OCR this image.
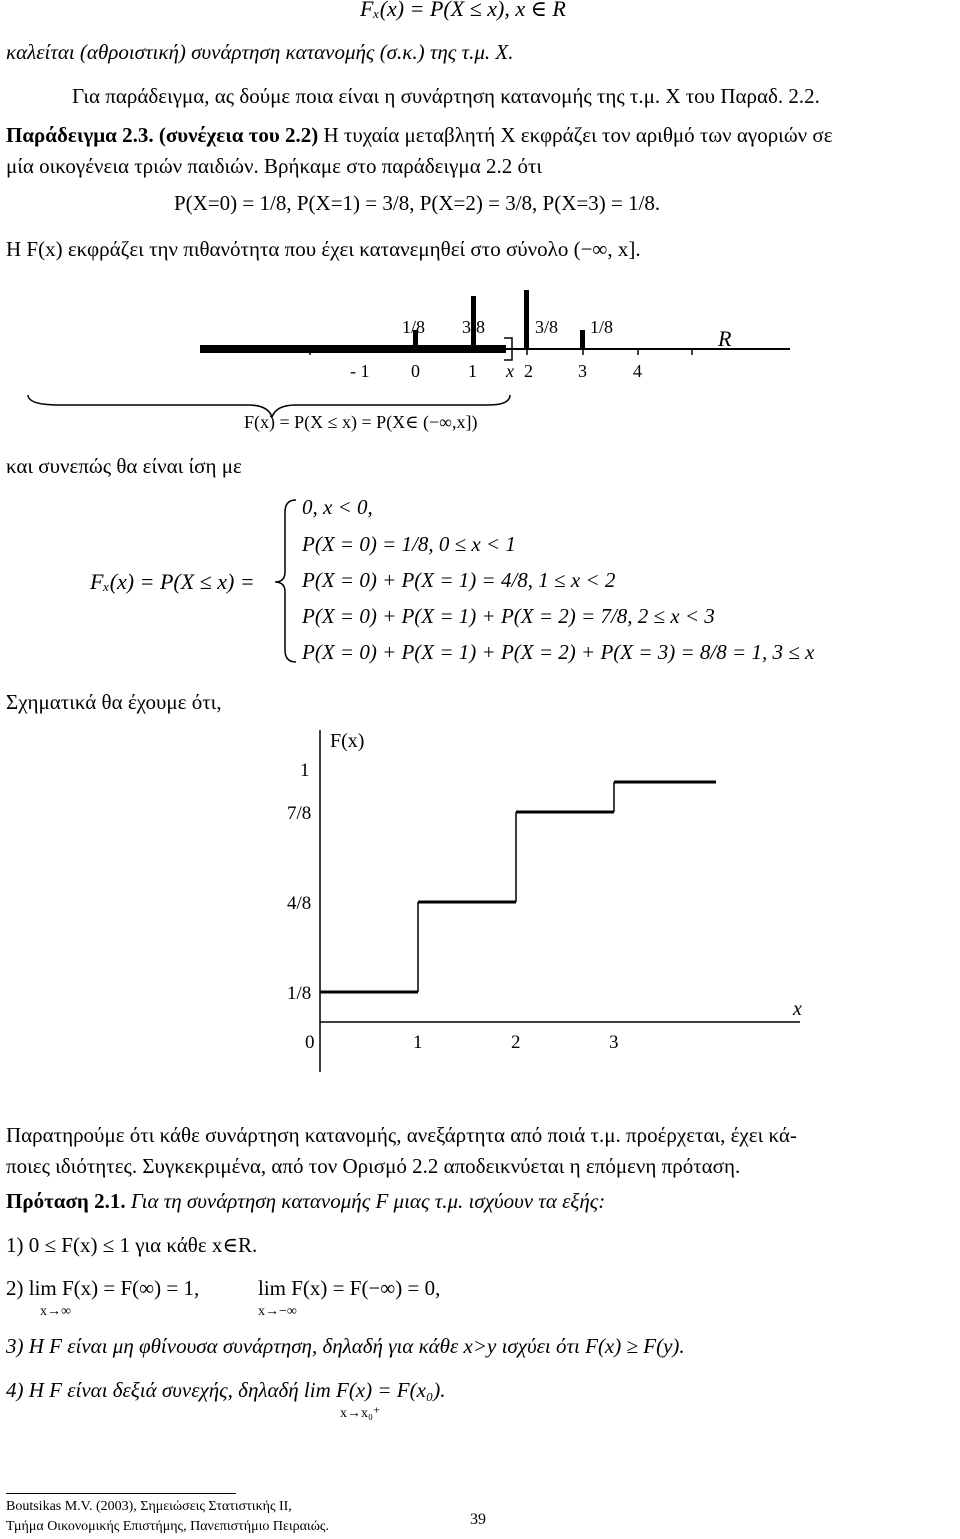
Fₓ(x) = P(X ≤ x), x ∈ R
καλείται (αθροιστική) συνάρτηση κατανομής (σ.κ.) της τ.μ. X.
Για παράδειγμα, ας δούμε ποια είναι η συνάρτηση κατανομής της τ.μ. X του Παραδ. 2.2.
Παράδειγμα 2.3. (συνέχεια του 2.2) Η τυχαία μεταβλητή X εκφράζει τον αριθμό των αγοριών σε
μία οικογένεια τριών παιδιών. Βρήκαμε στο παράδειγμα 2.2 ότι
P(X=0) = 1/8, P(X=1) = 3/8, P(X=2) = 3/8, P(X=3) = 1/8.
Η F(x) εκφράζει την πιθανότητα που έχει κατανεμηθεί στο σύνολο (−∞, x].
1/8 3/8	3/8 1/8
- 1 0	1 x 2	3	4
R
F(x) = P(X ≤ x) = P(X∈ (−∞,x])
και συνεπώς θα είναι ίση με
Fₓ(x) = P(X ≤ x) =
0, x < 0,
P(X = 0) = 1/8, 0 ≤ x < 1
P(X = 0) + P(X = 1) = 4/8, 1 ≤ x < 2
P(X = 0) + P(X = 1) + P(X = 2) = 7/8, 2 ≤ x < 3
P(X = 0) + P(X = 1) + P(X = 2) + P(X = 3) = 8/8 = 1, 3 ≤ x
Σχηματικά θα έχουμε ότι,
F(x)
x
1
7/8
4/8
1/8
0	1	2	3
Παρατηρούμε ότι κάθε συνάρτηση κατανομής, ανεξάρτητα από ποιά τ.μ. προέρχεται, έχει κά-
ποιες ιδιότητες. Συγκεκριμένα, από τον Ορισμό 2.2 αποδεικνύεται η επόμενη πρόταση.
Πρόταση 2.1. Για τη συνάρτηση κατανομής F μιας τ.μ. ισχύουν τα εξής:
1) 0 ≤ F(x) ≤ 1 για κάθε x∈R.
2) lim F(x) = F(∞) = 1,
x→∞
lim F(x) = F(−∞) = 0,
x→−∞
3) Η F είναι μη φθίνουσα συνάρτηση, δηλαδή για κάθε x>y ισχύει ότι F(x) ≥ F(y).
4) Η F είναι δεξιά συνεχής, δηλαδή lim F(x) = F(x₀).
x→x₀⁺
Boutsikas M.V. (2003), Σημειώσεις Στατιστικής ΙΙ,
Τμήμα Οικονομικής Επιστήμης, Πανεπιστήμιο Πειραιώς.	39
